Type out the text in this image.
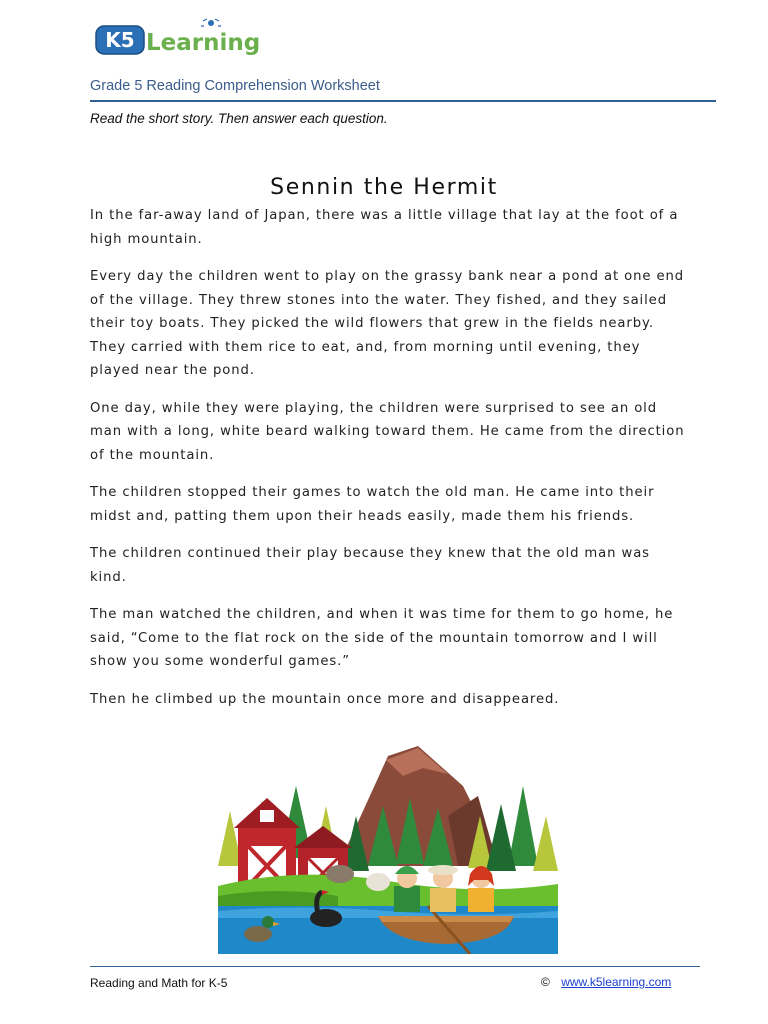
K5 Learning
Grade 5 Reading Comprehension Worksheet
Read the short story. Then answer each question.
Sennin the Hermit

In the far-away land of Japan, there was a little village that lay at the foot of a high mountain.

Every day the children went to play on the grassy bank near a pond at one end of the village. They threw stones into the water. They fished, and they sailed their toy boats. They picked the wild flowers that grew in the fields nearby. They carried with them rice to eat, and, from morning until evening, they played near the pond.

One day, while they were playing, the children were surprised to see an old man with a long, white beard walking toward them. He came from the direction of the mountain.

The children stopped their games to watch the old man. He came into their midst and, patting them upon their heads easily, made them his friends.

The children continued their play because they knew that the old man was kind.

The man watched the children, and when it was time for them to go home, he said, “Come to the flat rock on the side of the mountain tomorrow and I will show you some wonderful games.”

Then he climbed up the mountain once more and disappeared.

Reading and Math for K-5	© www.k5learning.com
